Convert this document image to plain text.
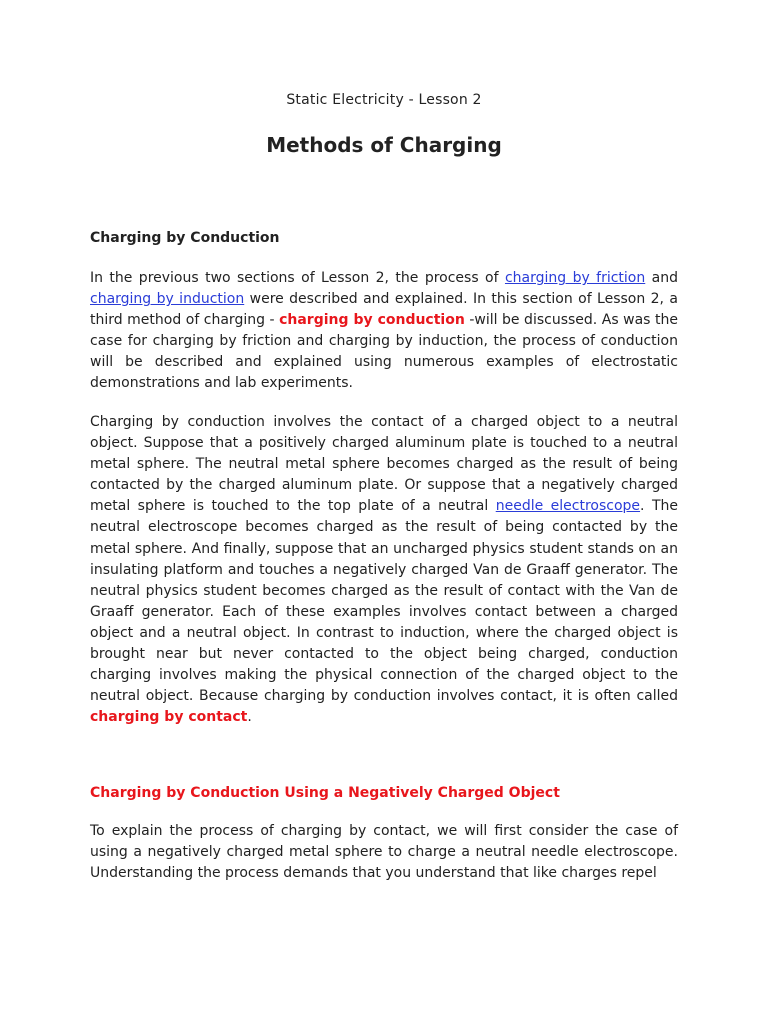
Static Electricity - Lesson 2
Methods of Charging
Charging by Conduction

In the previous two sections of Lesson 2, the process of charging by friction and charging by induction were described and explained. In this section of Lesson 2, a third method of charging - charging by conduction -will be discussed. As was the case for charging by friction and charging by induction, the process of conduction will be described and explained using numerous examples of electrostatic demonstrations and lab experiments.

Charging by conduction involves the contact of a charged object to a neutral object. Suppose that a positively charged aluminum plate is touched to a neutral metal sphere. The neutral metal sphere becomes charged as the result of being contacted by the charged aluminum plate. Or suppose that a negatively charged metal sphere is touched to the top plate of a neutral needle electroscope. The neutral electroscope becomes charged as the result of being contacted by the metal sphere. And finally, suppose that an uncharged physics student stands on an insulating platform and touches a negatively charged Van de Graaff generator. The neutral physics student becomes charged as the result of contact with the Van de Graaff generator. Each of these examples involves contact between a charged object and a neutral object. In contrast to induction, where the charged object is brought near but never contacted to the object being charged, conduction charging involves making the physical connection of the charged object to the neutral object. Because charging by conduction involves contact, it is often called charging by contact.

Charging by Conduction Using a Negatively Charged Object

To explain the process of charging by contact, we will first consider the case of using a negatively charged metal sphere to charge a neutral needle electroscope. Understanding the process demands that you understand that like charges repel
